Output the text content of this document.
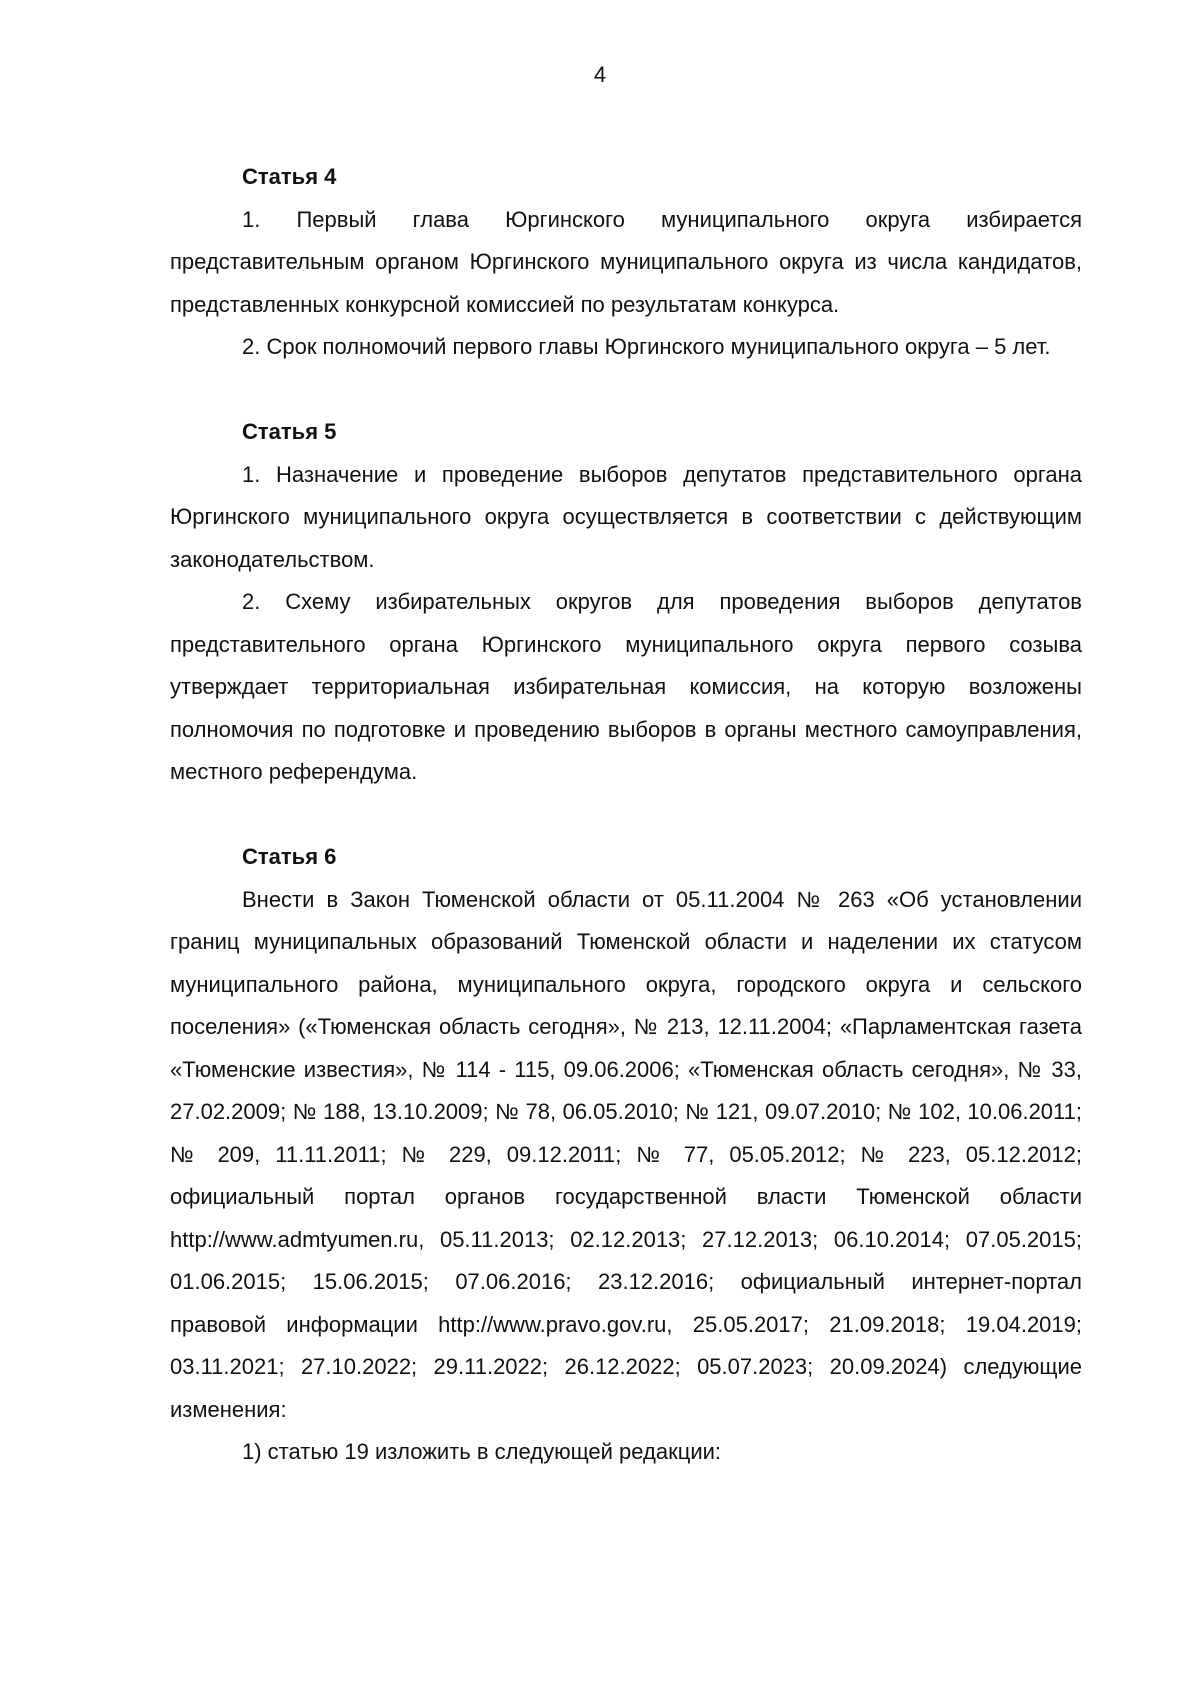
4

Статья 4

1. Первый глава Юргинского муниципального округа избирается представительным органом Юргинского муниципального округа из числа кандидатов, представленных конкурсной комиссией по результатам конкурса.

2. Срок полномочий первого главы Юргинского муниципального округа – 5 лет.

Статья 5

1. Назначение и проведение выборов депутатов представительного органа Юргинского муниципального округа осуществляется в соответствии с действующим законодательством.

2. Схему избирательных округов для проведения выборов депутатов представительного органа Юргинского муниципального округа первого созыва утверждает территориальная избирательная комиссия, на которую возложены полномочия по подготовке и проведению выборов в органы местного самоуправления, местного референдума.

Статья 6

Внести в Закон Тюменской области от 05.11.2004 № 263 «Об установлении границ муниципальных образований Тюменской области и наделении их статусом муниципального района, муниципального округа, городского округа и сельского поселения» («Тюменская область сегодня», № 213, 12.11.2004; «Парламентская газета «Тюменские известия», № 114 - 115, 09.06.2006; «Тюменская область сегодня», № 33, 27.02.2009; № 188, 13.10.2009; № 78, 06.05.2010; № 121, 09.07.2010; № 102, 10.06.2011; № 209, 11.11.2011; № 229, 09.12.2011; № 77, 05.05.2012; № 223, 05.12.2012; официальный портал органов государственной власти Тюменской области http://www.admtyumen.ru, 05.11.2013; 02.12.2013; 27.12.2013; 06.10.2014; 07.05.2015; 01.06.2015; 15.06.2015; 07.06.2016; 23.12.2016; официальный интернет-портал правовой информации http://www.pravo.gov.ru, 25.05.2017; 21.09.2018; 19.04.2019; 03.11.2021; 27.10.2022; 29.11.2022; 26.12.2022; 05.07.2023; 20.09.2024) следующие изменения:

1) статью 19 изложить в следующей редакции:
